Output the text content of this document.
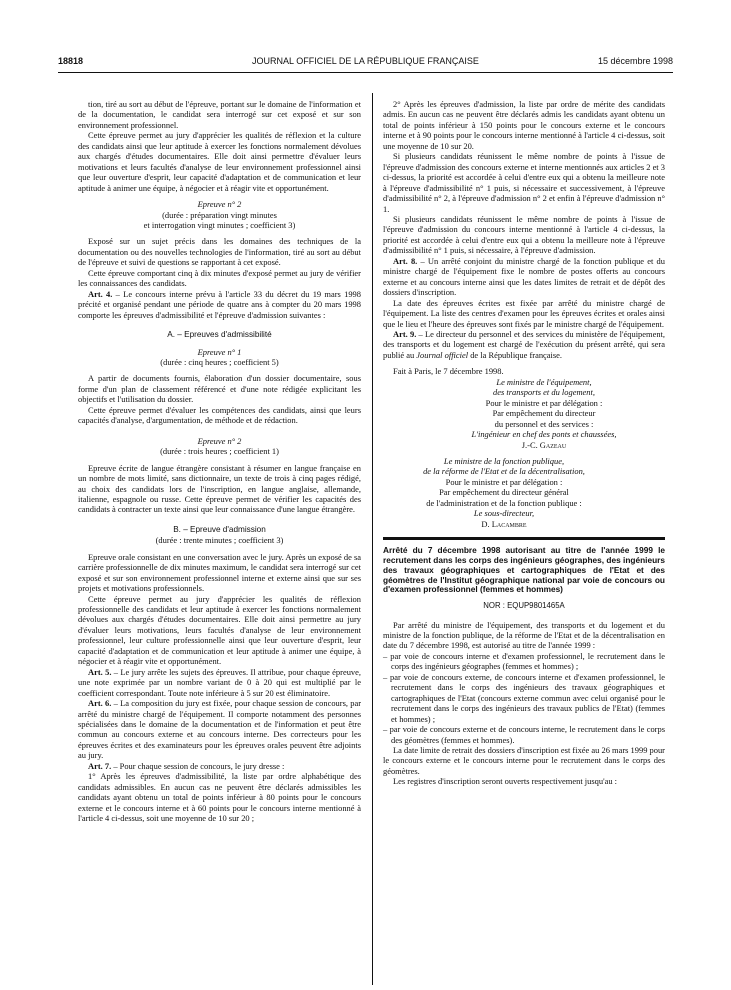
18818	JOURNAL OFFICIEL DE LA RÉPUBLIQUE FRANÇAISE	15 décembre 1998

tion, tiré au sort au début de l'épreuve, portant sur le domaine de l'information et de la documentation, le candidat sera interrogé sur cet exposé et sur son environnement professionnel.

Cette épreuve permet au jury d'apprécier les qualités de réflexion et la culture des candidats ainsi que leur aptitude à exercer les fonctions normalement dévolues aux chargés d'études documentaires. Elle doit ainsi permettre d'évaluer leurs motivations et leurs facultés d'analyse de leur environnement professionnel ainsi que leur ouverture d'esprit, leur capacité d'adaptation et de communication et leur aptitude à animer une équipe, à négocier et à réagir vite et opportunément.

Epreuve n° 2

(durée : préparation vingt minutes

et interrogation vingt minutes ; coefficient 3)

Exposé sur un sujet précis dans les domaines des techniques de la documentation ou des nouvelles technologies de l'information, tiré au sort au début de l'épreuve et suivi de questions se rapportant à cet exposé.

Cette épreuve comportant cinq à dix minutes d'exposé permet au jury de vérifier les connaissances des candidats.

Art. 4. – Le concours interne prévu à l'article 33 du décret du 19 mars 1998 précité et organisé pendant une période de quatre ans à compter du 20 mars 1998 comporte les épreuves d'admissibilité et l'épreuve d'admission suivantes :

A. – Epreuves d'admissibilité

Epreuve n° 1

(durée : cinq heures ; coefficient 5)

A partir de documents fournis, élaboration d'un dossier documentaire, sous forme d'un plan de classement référencé et d'une note rédigée explicitant les objectifs et l'utilisation du dossier.

Cette épreuve permet d'évaluer les compétences des candidats, ainsi que leurs capacités d'analyse, d'argumentation, de méthode et de rédaction.

Epreuve n° 2

(durée : trois heures ; coefficient 1)

Epreuve écrite de langue étrangère consistant à résumer en langue française en un nombre de mots limité, sans dictionnaire, un texte de trois à cinq pages rédigé, au choix des candidats lors de l'inscription, en langue anglaise, allemande, italienne, espagnole ou russe. Cette épreuve permet de vérifier les capacités des candidats à contracter un texte ainsi que leur connaissance d'une langue étrangère.

B. – Epreuve d'admission

(durée : trente minutes ; coefficient 3)

Epreuve orale consistant en une conversation avec le jury. Après un exposé de sa carrière professionnelle de dix minutes maximum, le candidat sera interrogé sur cet exposé et sur son environnement professionnel interne et externe ainsi que sur ses projets et motivations professionnels.

Cette épreuve permet au jury d'apprécier les qualités de réflexion professionnelle des candidats et leur aptitude à exercer les fonctions normalement dévolues aux chargés d'études documentaires. Elle doit ainsi permettre au jury d'évaluer leurs motivations, leurs facultés d'analyse de leur environnement professionnel, leur culture professionnelle ainsi que leur ouverture d'esprit, leur capacité d'adaptation et de communication et leur aptitude à animer une équipe, à négocier et à réagir vite et opportunément.

Art. 5. – Le jury arrête les sujets des épreuves. Il attribue, pour chaque épreuve, une note exprimée par un nombre variant de 0 à 20 qui est multiplié par le coefficient correspondant. Toute note inférieure à 5 sur 20 est éliminatoire.

Art. 6. – La composition du jury est fixée, pour chaque session de concours, par arrêté du ministre chargé de l'équipement. Il comporte notamment des personnes spécialisées dans le domaine de la documentation et de l'information et peut être commun au concours externe et au concours interne. Des correcteurs pour les épreuves écrites et des examinateurs pour les épreuves orales peuvent être adjoints au jury.

Art. 7. – Pour chaque session de concours, le jury dresse :

1° Après les épreuves d'admissibilité, la liste par ordre alphabétique des candidats admissibles. En aucun cas ne peuvent être déclarés admissibles les candidats ayant obtenu un total de points inférieur à 80 points pour le concours externe et le concours interne et à 60 points pour le concours interne mentionné à l'article 4 ci-dessus, soit une moyenne de 10 sur 20 ;

2° Après les épreuves d'admission, la liste par ordre de mérite des candidats admis. En aucun cas ne peuvent être déclarés admis les candidats ayant obtenu un total de points inférieur à 150 points pour le concours externe et le concours interne et à 90 points pour le concours interne mentionné à l'article 4 ci-dessus, soit une moyenne de 10 sur 20.

Si plusieurs candidats réunissent le même nombre de points à l'issue de l'épreuve d'admission des concours externe et interne mentionnés aux articles 2 et 3 ci-dessus, la priorité est accordée à celui d'entre eux qui a obtenu la meilleure note à l'épreuve d'admissibilité n° 1 puis, si nécessaire et successivement, à l'épreuve d'admissibilité n° 2, à l'épreuve d'admission n° 2 et enfin à l'épreuve d'admission n° 1.

Si plusieurs candidats réunissent le même nombre de points à l'issue de l'épreuve d'admission du concours interne mentionné à l'article 4 ci-dessus, la priorité est accordée à celui d'entre eux qui a obtenu la meilleure note à l'épreuve d'admissibilité n° 1 puis, si nécessaire, à l'épreuve d'admission.

Art. 8. – Un arrêté conjoint du ministre chargé de la fonction publique et du ministre chargé de l'équipement fixe le nombre de postes offerts au concours externe et au concours interne ainsi que les dates limites de retrait et de dépôt des dossiers d'inscription.

La date des épreuves écrites est fixée par arrêté du ministre chargé de l'équipement. La liste des centres d'examen pour les épreuves écrites et orales ainsi que le lieu et l'heure des épreuves sont fixés par le ministre chargé de l'équipement.

Art. 9. – Le directeur du personnel et des services du ministère de l'équipement, des transports et du logement est chargé de l'exécution du présent arrêté, qui sera publié au Journal officiel de la République française.

Fait à Paris, le 7 décembre 1998.

Le ministre de l'équipement,

des transports et du logement,

Pour le ministre et par délégation :

Par empêchement du directeur

du personnel et des services :

L'ingénieur en chef des ponts et chaussées,

J.-C. Gazeau

Le ministre de la fonction publique,

de la réforme de l'Etat et de la décentralisation,

Pour le ministre et par délégation :

Par empêchement du directeur général

de l'administration et de la fonction publique :

Le sous-directeur,

D. Lacambre

Arrêté du 7 décembre 1998 autorisant au titre de l'année 1999 le recrutement dans les corps des ingénieurs géographes, des ingénieurs des travaux géographiques et cartographiques de l'Etat et des géomètres de l'Institut géographique national par voie de concours ou d'examen professionnel (femmes et hommes)

NOR : EQUP9801465A

Par arrêté du ministre de l'équipement, des transports et du logement et du ministre de la fonction publique, de la réforme de l'Etat et de la décentralisation en date du 7 décembre 1998, est autorisé au titre de l'année 1999 :

– par voie de concours interne et d'examen professionnel, le recrutement dans le corps des ingénieurs géographes (femmes et hommes) ;

– par voie de concours externe, de concours interne et d'examen professionnel, le recrutement dans le corps des ingénieurs des travaux géographiques et cartographiques de l'Etat (concours externe commun avec celui organisé pour le recrutement dans le corps des ingénieurs des travaux publics de l'Etat) (femmes et hommes) ;

– par voie de concours externe et de concours interne, le recrutement dans le corps des géomètres (femmes et hommes).

La date limite de retrait des dossiers d'inscription est fixée au 26 mars 1999 pour le concours externe et le concours interne pour le recrutement dans le corps des géomètres.

Les registres d'inscription seront ouverts respectivement jusqu'au :
